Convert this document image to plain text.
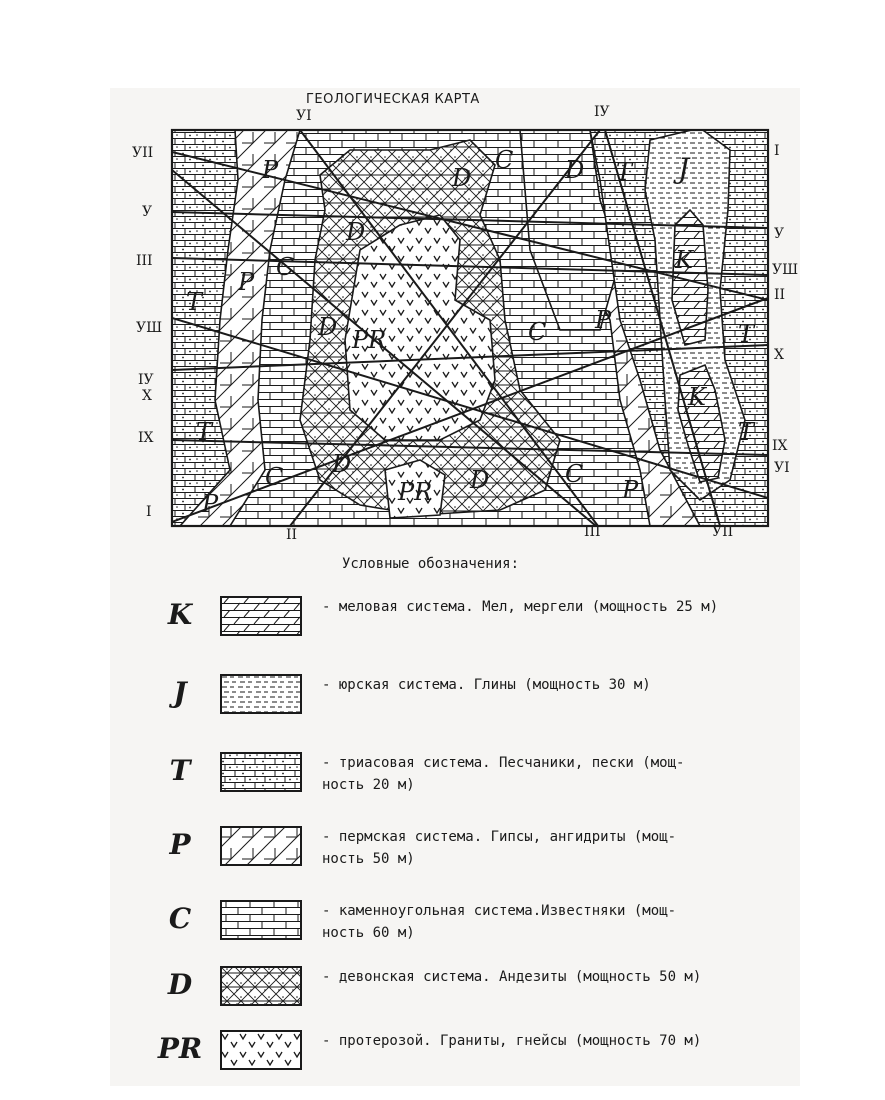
ГЕОЛОГИЧЕСКАЯ КАРТА
P	D
C D T J
D
K
P
C
T
D PR	C P	T
K
T
T
C D
PR D	C
P
P
УI	IУ
УII
У
III
УШ
IУ
X
IX
I
I
У
УШ
II
X
IX
УI
II	III	УII
Условные обозначения:
K	- меловая система. Мел, мергели (мощность 25 м)
J	- юрская система. Глины (мощность 30 м)
T	- триасовая система. Песчаники, пески (мощ-
ность 20 м)
P	- пермская система. Гипсы, ангидриты (мощ-
ность 50 м)
C	- каменноугольная система.Известняки (мощ-
ность 60 м)
D	- девонская система. Андезиты (мощность 50 м)
PR	- протерозой. Граниты, гнейсы (мощность 70 м)
